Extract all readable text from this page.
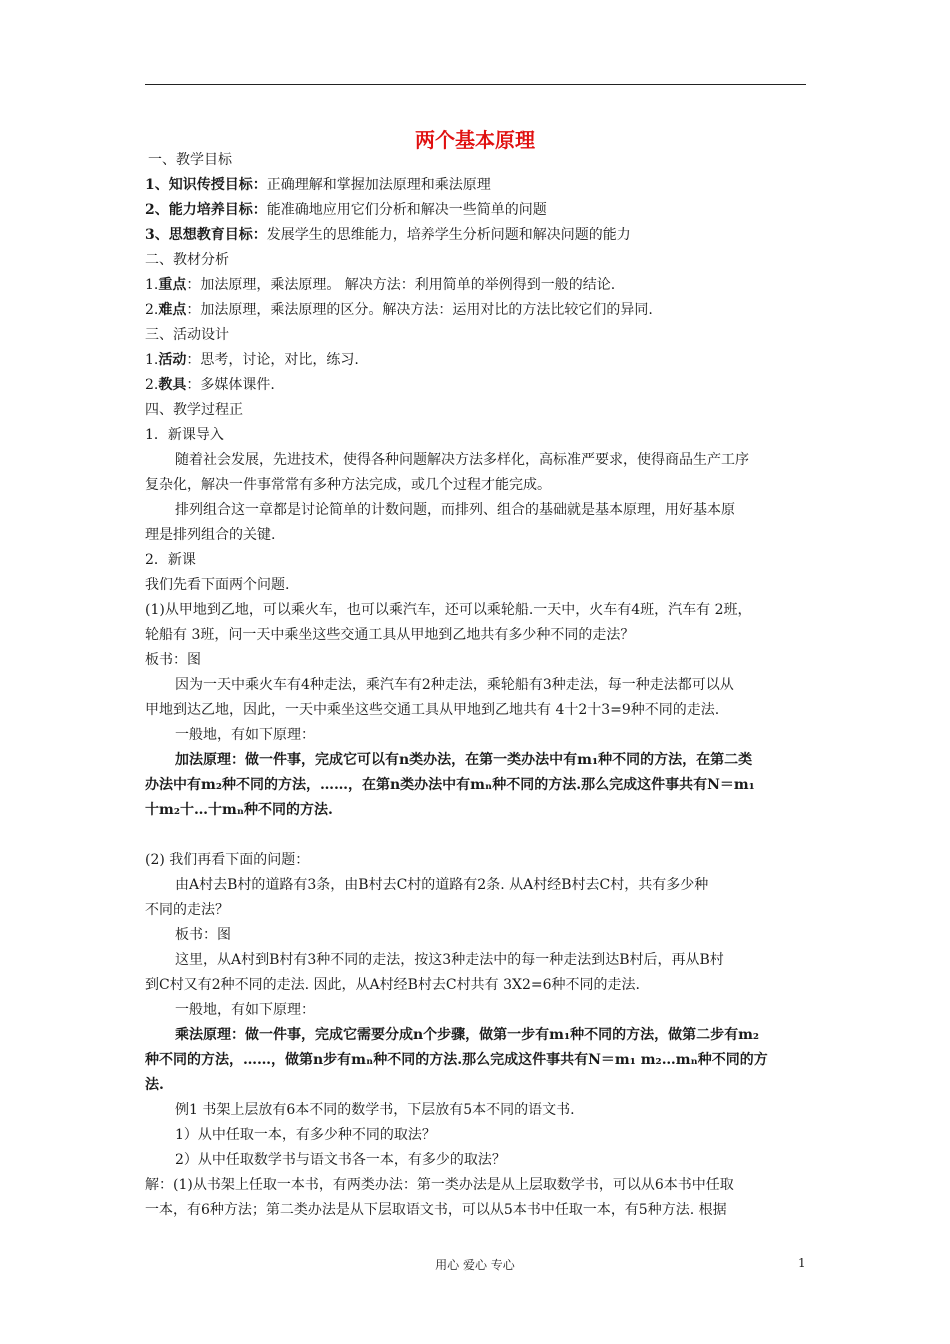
两个基本原理
一、教学目标
1、知识传授目标：正确理解和掌握加法原理和乘法原理
2、能力培养目标：能准确地应用它们分析和解决一些简单的问题
3、思想教育目标：发展学生的思维能力，培养学生分析问题和解决问题的能力
二、教材分析
1.重点：加法原理，乘法原理。 解决方法：利用简单的举例得到一般的结论.
2.难点：加法原理，乘法原理的区分。解决方法：运用对比的方法比较它们的异同.
三、活动设计
1.活动：思考，讨论，对比，练习.
2.教具：多媒体课件.
四、教学过程正
1．新课导入
随着社会发展，先进技术，使得各种问题解决方法多样化，高标准严要求，使得商品生产工序
复杂化，解决一件事常常有多种方法完成，或几个过程才能完成。
排列组合这一章都是讨论简单的计数问题，而排列、组合的基础就是基本原理，用好基本原
理是排列组合的关键.
2．新课
我们先看下面两个问题.
(1)从甲地到乙地，可以乘火车，也可以乘汽车，还可以乘轮船.一天中，火车有4班，汽车有 2班，
轮船有 3班，问一天中乘坐这些交通工具从甲地到乙地共有多少种不同的走法？
板书：图
因为一天中乘火车有4种走法，乘汽车有2种走法，乘轮船有3种走法，每一种走法都可以从
甲地到达乙地，因此，一天中乘坐这些交通工具从甲地到乙地共有 4十2十3=9种不同的走法.
一般地，有如下原理：
加法原理：做一件事，完成它可以有n类办法，在第一类办法中有m₁种不同的方法，在第二类
办法中有m₂种不同的方法，……，在第n类办法中有mₙ种不同的方法.那么完成这件事共有N＝m₁
十m₂十…十mₙ种不同的方法.
(2) 我们再看下面的问题：
由A村去B村的道路有3条，由B村去C村的道路有2条. 从A村经B村去C村，共有多少种
不同的走法？
板书：图
这里，从A村到B村有3种不同的走法，按这3种走法中的每一种走法到达B村后，再从B村
到C村又有2种不同的走法. 因此，从A村经B村去C村共有 3X2=6种不同的走法.
一般地，有如下原理：
乘法原理：做一件事，完成它需要分成n个步骤，做第一步有m₁种不同的方法，做第二步有m₂
种不同的方法，……，做第n步有mₙ种不同的方法.那么完成这件事共有N＝m₁ m₂…mₙ种不同的方
法.
例1 书架上层放有6本不同的数学书，下层放有5本不同的语文书.
1）从中任取一本，有多少种不同的取法？
2）从中任取数学书与语文书各一本，有多少的取法？
解：(1)从书架上任取一本书，有两类办法：第一类办法是从上层取数学书，可以从6本书中任取
一本，有6种方法；第二类办法是从下层取语文书，可以从5本书中任取一本，有5种方法. 根据
用心 爱心 专心	1
